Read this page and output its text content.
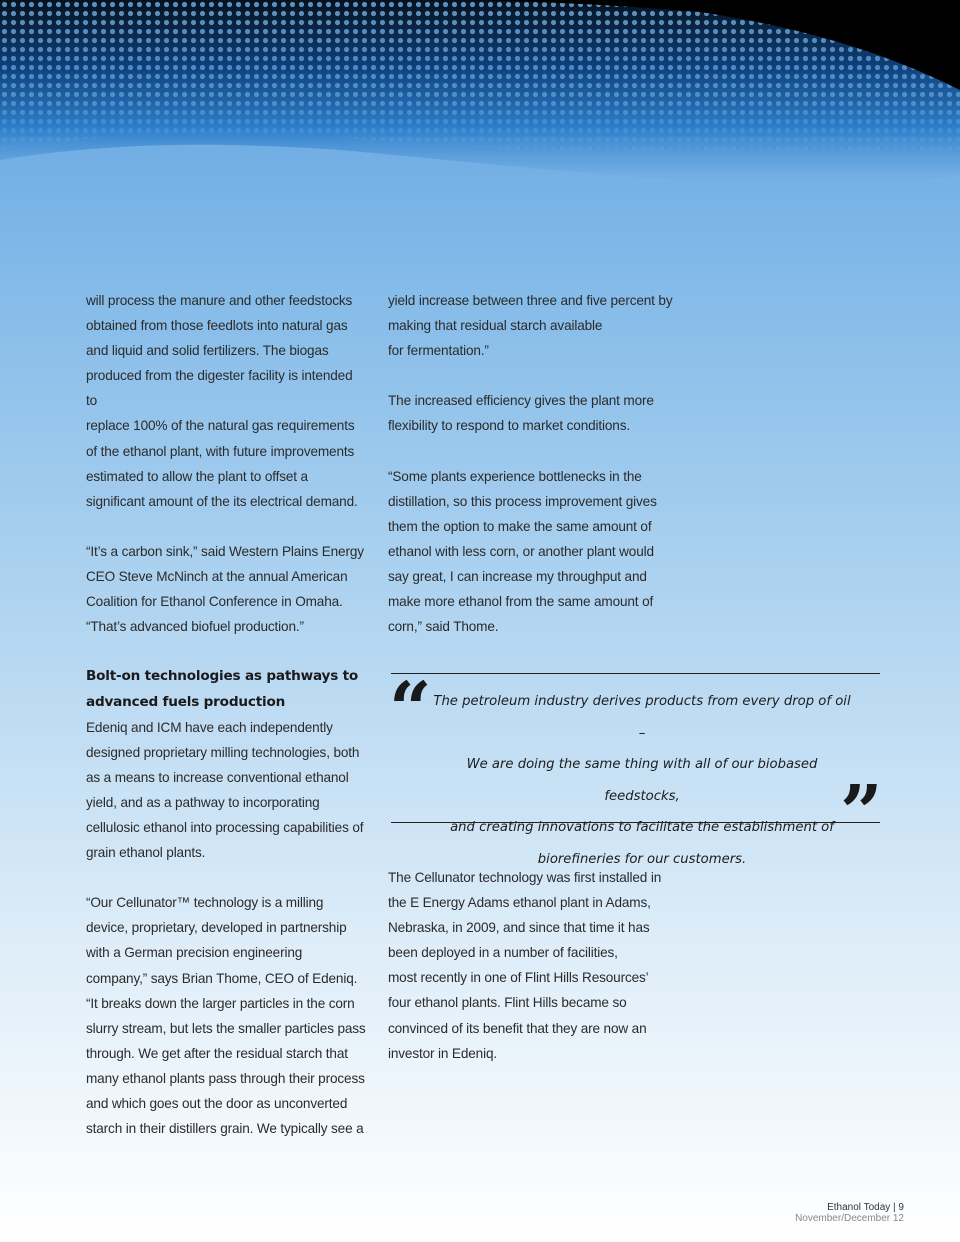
will process the manure and other feedstocks
obtained from those feedlots into natural gas
and liquid and solid fertilizers. The biogas
produced from the digester facility is intended to
replace 100% of the natural gas requirements
of the ethanol plant, with future improvements
estimated to allow the plant to offset a
significant amount of the its electrical demand.

“It’s a carbon sink,” said Western Plains Energy
CEO Steve McNinch at the annual American
Coalition for Ethanol Conference in Omaha.
“That’s advanced biofuel production.”

Bolt-on technologies as pathways to
advanced fuels production

Edeniq and ICM have each independently
designed proprietary milling technologies, both
as a means to increase conventional ethanol
yield, and as a pathway to incorporating
cellulosic ethanol into processing capabilities of
grain ethanol plants.

“Our Cellunator™ technology is a milling
device, proprietary, developed in partnership
with a German precision engineering
company,” says Brian Thome, CEO of Edeniq.
“It breaks down the larger particles in the corn
slurry stream, but lets the smaller particles pass
through. We get after the residual starch that
many ethanol plants pass through their process
and which goes out the door as unconverted
starch in their distillers grain. We typically see a

yield increase between three and five percent by
making that residual starch available
for fermentation.”

The increased efficiency gives the plant more
flexibility to respond to market conditions.

“Some plants experience bottlenecks in the
distillation, so this process improvement gives
them the option to make the same amount of
ethanol with less corn, or another plant would
say great, I can increase my throughput and
make more ethanol from the same amount of
corn,” said Thome.

“ The petroleum industry derives products from every drop of oil –
We are doing the same thing with all of our biobased feedstocks,
and creating innovations to facilitate the establishment of
biorefineries for our customers.

”

The Cellunator technology was first installed in
the E Energy Adams ethanol plant in Adams,
Nebraska, in 2009, and since that time it has
been deployed in a number of facilities,
most recently in one of Flint Hills Resources’
four ethanol plants. Flint Hills became so
convinced of its benefit that they are now an
investor in Edeniq.

Ethanol Today | 9
November/December 12
